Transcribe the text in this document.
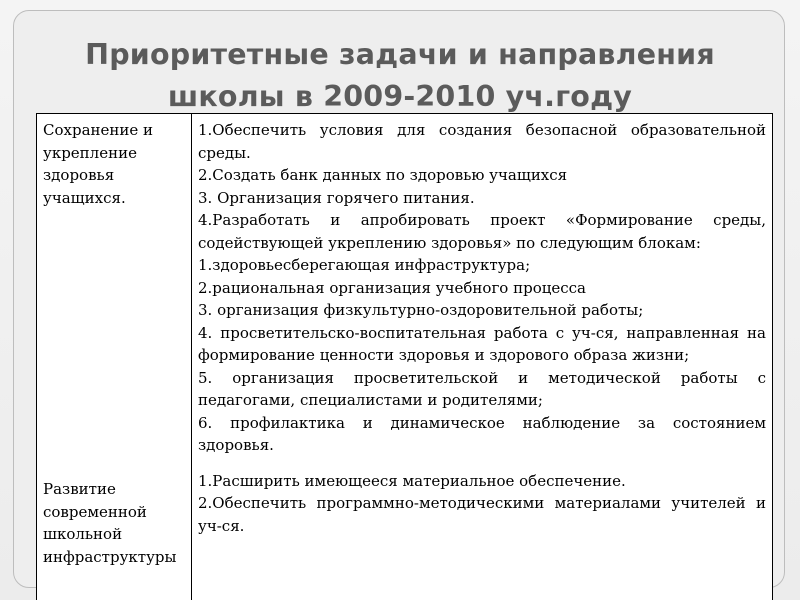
Приоритетные задачи и направления
школы в 2009-2010 уч.году
Сохранение и
укрепление
здоровья
учащихся.
Развитие
современной
школьной
инфраструктуры

1.Обеспечить условия для создания безопасной образовательной среды.

2.Создать банк данных по здоровью учащихся

3. Организация горячего питания.

4.Разработать и апробировать проект «Формирование среды, содействующей укреплению здоровья» по следующим блокам:

1.здоровьесберегающая инфраструктура;

2.рациональная организация учебного процесса

3. организация физкультурно-оздоровительной работы;

4. просветительско-воспитательная работа с уч-ся, направленная на формирование ценности здоровья и здорового образа жизни;

5. организация просветительской и методической работы с педагогами, специалистами и родителями;

6. профилактика и динамическое наблюдение за состоянием здоровья.

1.Расширить имеющееся материальное обеспечение.

2.Обеспечить программно-методическими материалами учителей и уч-ся.
